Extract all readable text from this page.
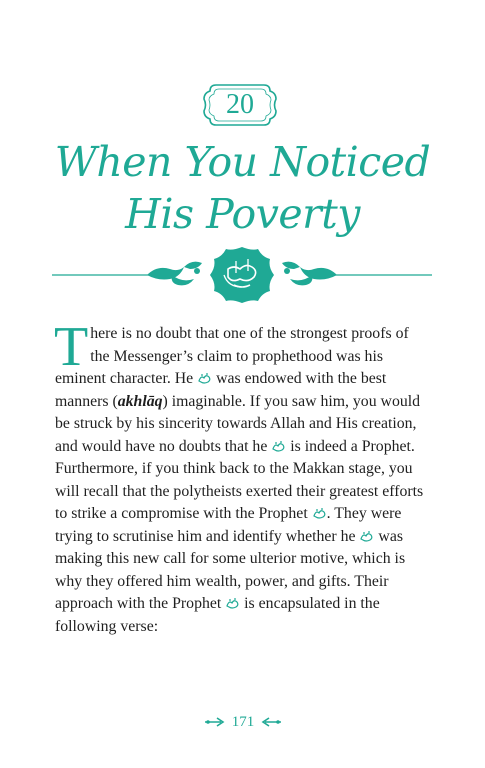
20
When You Noticed
His Poverty

There is no doubt that one of the strongest proofs of the Messenger’s claim to prophethood was his eminent character. He was endowed with the best manners (akhlāq) imaginable. If you saw him, you would be struck by his sincerity towards Allah and His creation, and would have no doubts that he is indeed a Prophet. Furthermore, if you think back to the Makkan stage, you will recall that the polytheists exerted their greatest efforts to strike a compromise with the Prophet . They were trying to scrutinise him and identify whether he was making this new call for some ulterior motive, which is why they offered him wealth, power, and gifts. Their approach with the Prophet is encapsulated in the following verse:

171
